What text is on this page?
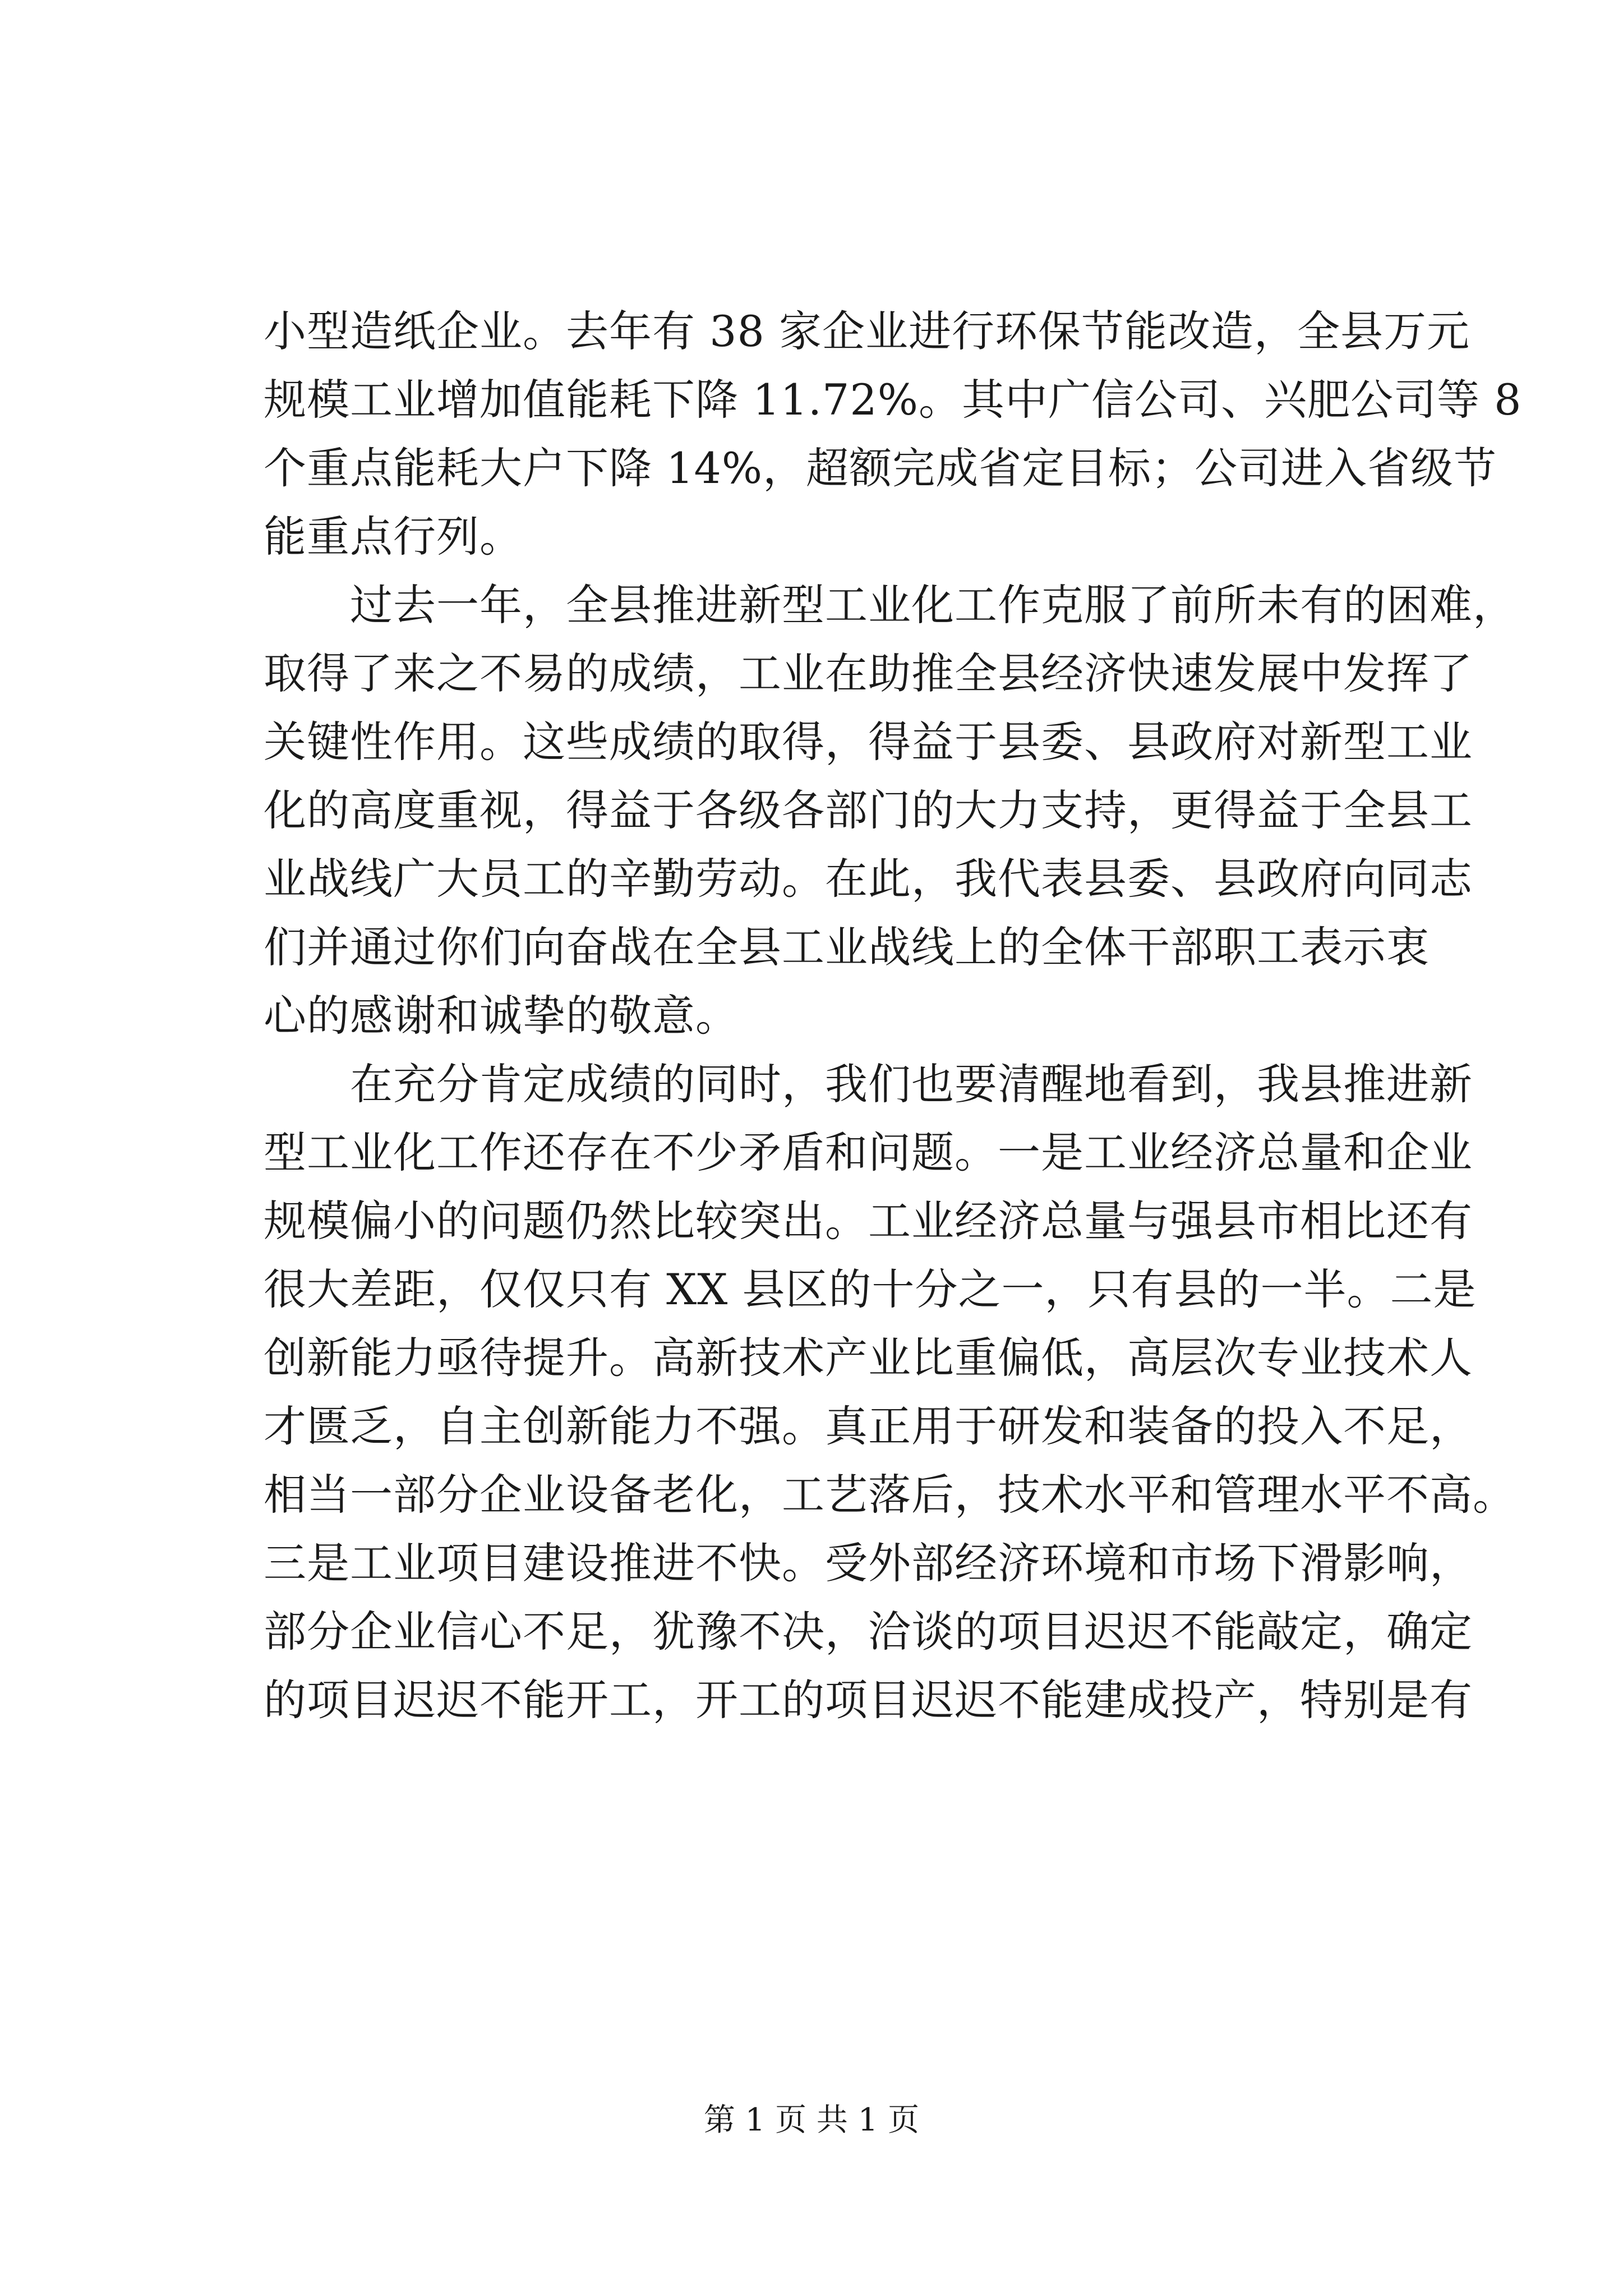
小型造纸企业。去年有 38 家企业进行环保节能改造，全县万元
规模工业增加值能耗下降 11.72%。其中广信公司、兴肥公司等 8
个重点能耗大户下降 14%，超额完成省定目标；公司进入省级节
能重点行列。
　　过去一年，全县推进新型工业化工作克服了前所未有的困难，
取得了来之不易的成绩，工业在助推全县经济快速发展中发挥了
关键性作用。这些成绩的取得，得益于县委、县政府对新型工业
化的高度重视，得益于各级各部门的大力支持，更得益于全县工
业战线广大员工的辛勤劳动。在此，我代表县委、县政府向同志
们并通过你们向奋战在全县工业战线上的全体干部职工表示衷
心的感谢和诚挚的敬意。
　　在充分肯定成绩的同时，我们也要清醒地看到，我县推进新
型工业化工作还存在不少矛盾和问题。一是工业经济总量和企业
规模偏小的问题仍然比较突出。工业经济总量与强县市相比还有
很大差距，仅仅只有 XX 县区的十分之一，只有县的一半。二是
创新能力亟待提升。高新技术产业比重偏低，高层次专业技术人
才匮乏，自主创新能力不强。真正用于研发和装备的投入不足，
相当一部分企业设备老化，工艺落后，技术水平和管理水平不高。
三是工业项目建设推进不快。受外部经济环境和市场下滑影响，
部分企业信心不足，犹豫不决，洽谈的项目迟迟不能敲定，确定
的项目迟迟不能开工，开工的项目迟迟不能建成投产，特别是有
第 1 页 共 1 页
